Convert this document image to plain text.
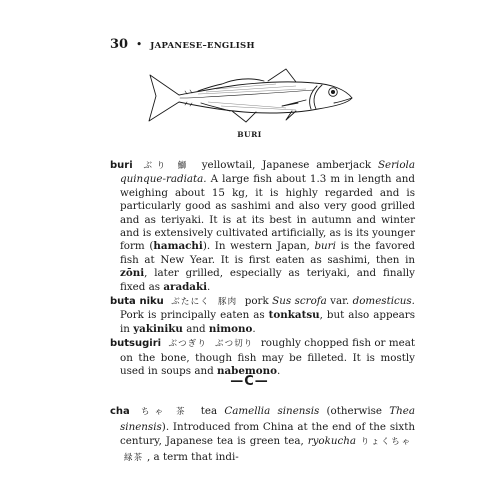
30 • JAPANESE–ENGLISH
BURI

buri ぶり 鰤 yellowtail, Japanese amberjack Seriola quinque-radiata. A large fish about 1.3 m in length and weighing about 15 kg, it is highly regarded and is particularly good as sashimi and also very good grilled and as teriyaki. It is at its best in autumn and winter and is extensively cultivated artificially, as is its younger form (hamachi). In western Japan, buri is the favored fish at New Year. It is first eaten as sashimi, then in zōni, later grilled, especially as teriyaki, and finally fixed as aradaki.

buta niku ぶたにく 豚肉 pork Sus scrofa var. domesticus. Pork is principally eaten as tonkatsu, but also appears in yakiniku and nimono.

butsugiri ぶつぎり ぶつ切り roughly chopped fish or meat on the bone, though fish may be filleted. It is mostly used in soups and nabemono.

—C—

cha ちゃ 茶 tea Camellia sinensis (otherwise Thea sinensis). Introduced from China at the end of the sixth century, Japanese tea is green tea, ryokucha りょくちゃ緑茶 , a term that indi-
